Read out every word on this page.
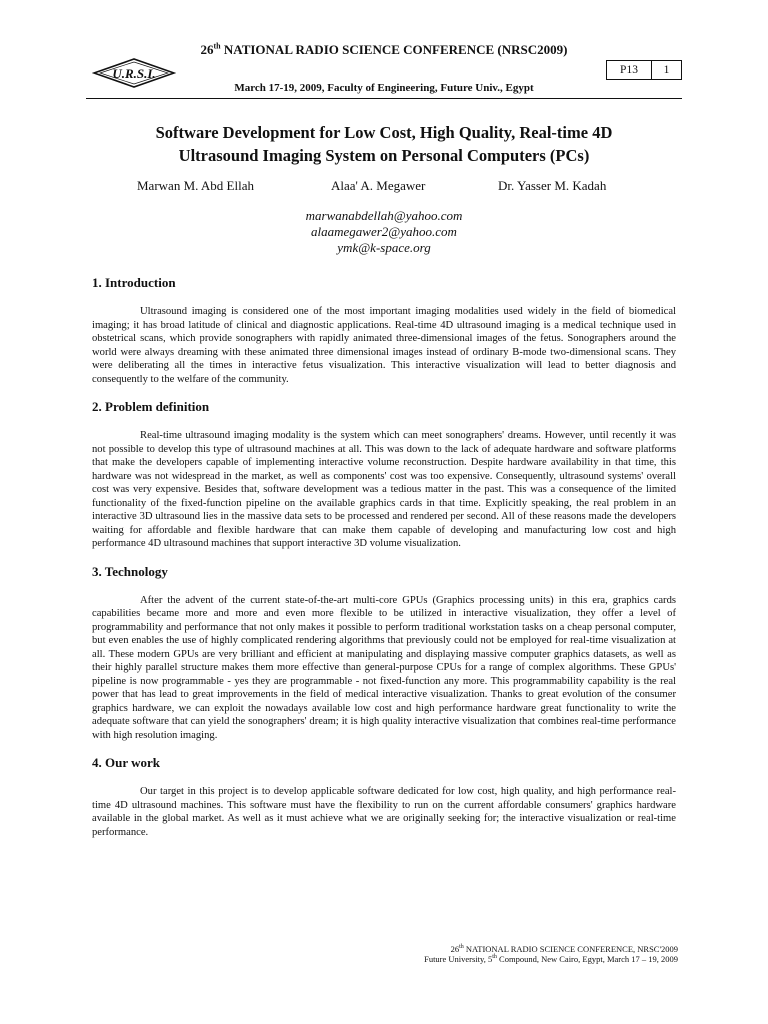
26th NATIONAL RADIO SCIENCE CONFERENCE (NRSC2009)
U.R.S.I.	P13	1
March 17-19, 2009, Faculty of Engineering, Future Univ., Egypt
Software Development for Low Cost, High Quality, Real-time 4D
Ultrasound Imaging System on Personal Computers (PCs)
Marwan M. Abd Ellah	Alaa' A. Megawer	Dr. Yasser M. Kadah
marwanabdellah@yahoo.com
alaamegawer2@yahoo.com
ymk@k-space.org
1. Introduction

Ultrasound imaging is considered one of the most important imaging modalities used widely in the field of biomedical imaging; it has broad latitude of clinical and diagnostic applications. Real-time 4D ultrasound imaging is a medical technique used in obstetrical scans, which provide sonographers with rapidly animated three-dimensional images of the fetus. Sonographers around the world were always dreaming with these animated three dimensional images instead of ordinary B-mode two-dimensional scans. They were deliberating all the times in interactive fetus visualization. This interactive visualization will lead to better diagnosis and consequently to the welfare of the community.

2. Problem definition

Real-time ultrasound imaging modality is the system which can meet sonographers' dreams. However, until recently it was not possible to develop this type of ultrasound machines at all. This was down to the lack of adequate hardware and software platforms that make the developers capable of implementing interactive volume reconstruction. Despite hardware availability in that time, this hardware was not widespread in the market, as well as components' cost was too expensive. Consequently, ultrasound systems' overall cost was very expensive. Besides that, software development was a tedious matter in the past. This was a consequence of the limited functionality of the fixed-function pipeline on the available graphics cards in that time. Explicitly speaking, the real problem in an interactive 3D ultrasound lies in the massive data sets to be processed and rendered per second. All of these reasons made the developers waiting for affordable and flexible hardware that can make them capable of developing and manufacturing low cost and high performance 4D ultrasound machines that support interactive 3D volume visualization.

3. Technology

After the advent of the current state-of-the-art multi-core GPUs (Graphics processing units) in this era, graphics cards capabilities became more and more and even more flexible to be utilized in interactive visualization, they offer a level of programmability and performance that not only makes it possible to perform traditional workstation tasks on a cheap personal computer, but even enables the use of highly complicated rendering algorithms that previously could not be employed for real-time visualization at all. These modern GPUs are very brilliant and efficient at manipulating and displaying massive computer graphics datasets, as well as their highly parallel structure makes them more effective than general-purpose CPUs for a range of complex algorithms. These GPUs' pipeline is now programmable - yes they are programmable - not fixed-function any more. This programmability capability is the real power that has lead to great improvements in the field of medical interactive visualization. Thanks to great evolution of the consumer graphics hardware, we can exploit the nowadays available low cost and high performance hardware great functionality to write the adequate software that can yield the sonographers' dream; it is high quality interactive visualization that combines real-time performance with high resolution imaging.

4. Our work

Our target in this project is to develop applicable software dedicated for low cost, high quality, and high performance real-time 4D ultrasound machines. This software must have the flexibility to run on the current affordable consumers' graphics hardware available in the global market. As well as it must achieve what we are originally seeking for; the interactive visualization or real-time performance.

26th NATIONAL RADIO SCIENCE CONFERENCE, NRSC'2009
Future University, 5th Compound, New Cairo, Egypt, March 17 – 19, 2009
